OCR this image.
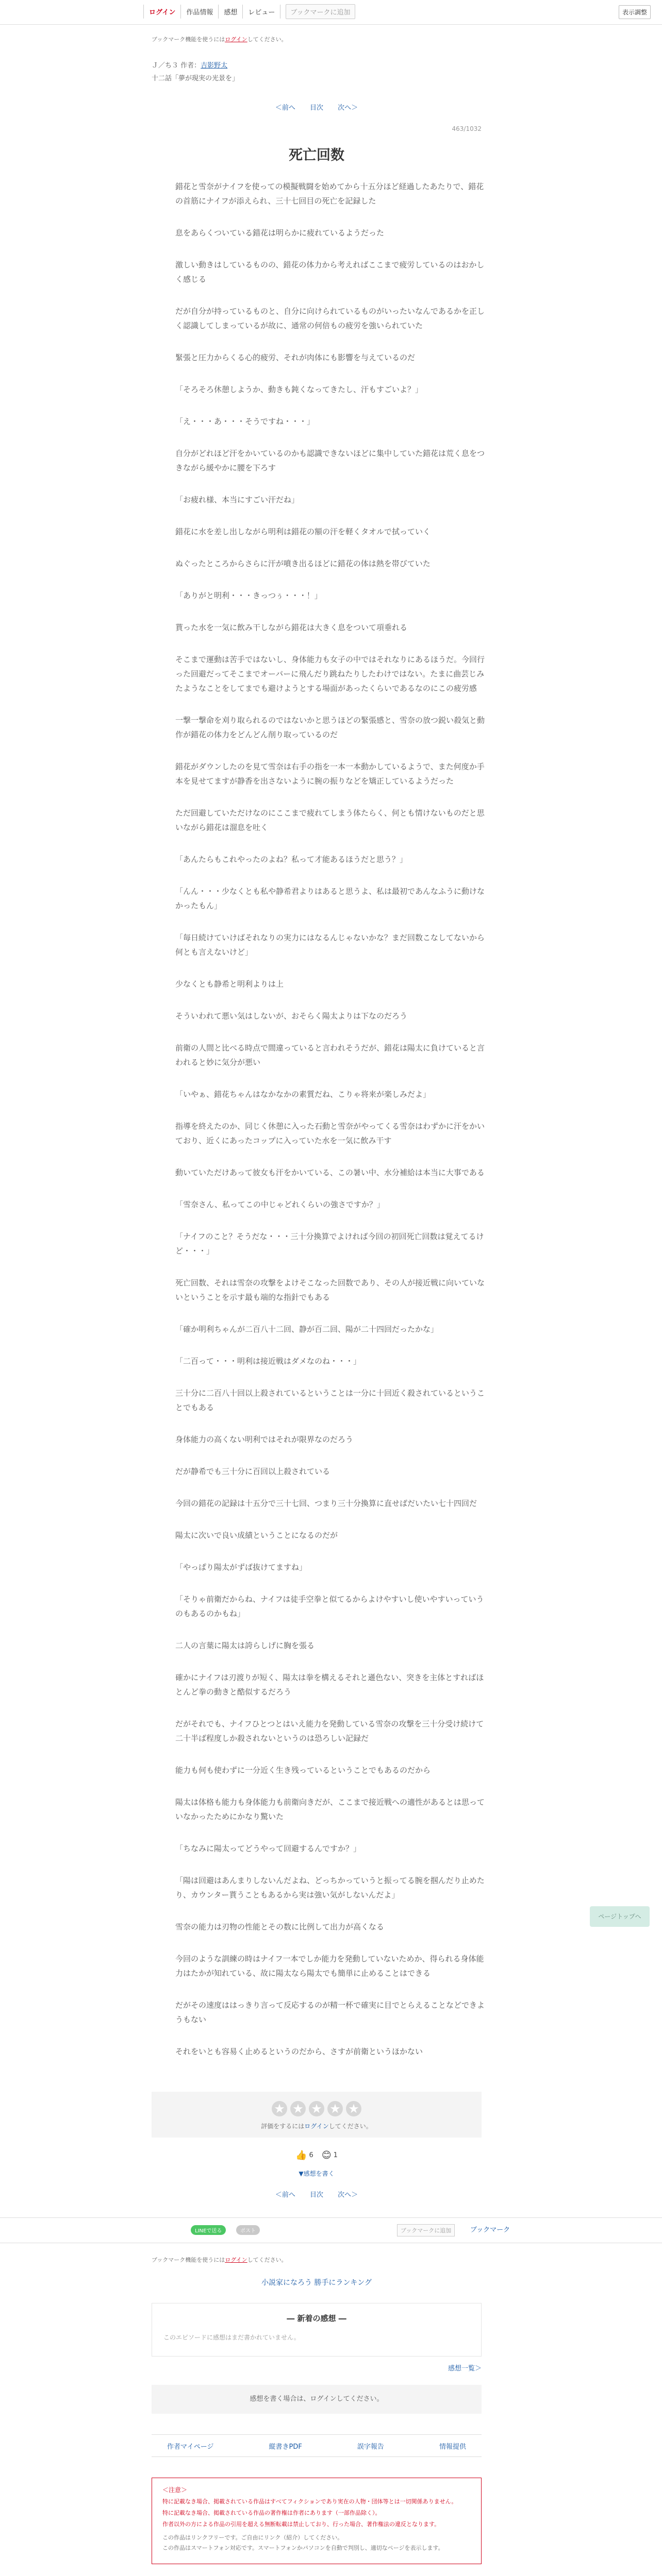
ログイン	作品情報	感想	レビュー	ブックマークに追加	表示調整
ブックマーク機能を使うにはログインしてください。
Ｊ／ち３ 作者：吉影野太
十二話「夢が現実の光景を」
＜前へ 目次 次へ＞
463/1032
死亡回数

錯花と雪奈がナイフを使っての模擬戦闘を始めてから十五分ほど経過したあたりで、錯花の首筋にナイフが添えられ、三十七回目の死亡を記録した

息をあらくついている錯花は明らかに疲れているようだった

激しい動きはしているものの、錯花の体力から考えればここまで疲労しているのはおかしく感じる

だが自分が持っているものと、自分に向けられているものがいったいなんであるかを正しく認識してしまっているが故に、通常の何倍もの疲労を強いられていた

緊張と圧力からくる心的疲労、それが肉体にも影響を与えているのだ

「そろそろ休憩しようか、動きも鈍くなってきたし、汗もすごいよ？」

「え・・・あ・・・そうですね・・・」

自分がどれほど汗をかいているのかも認識できないほどに集中していた錯花は荒く息をつきながら緩やかに腰を下ろす

「お疲れ様、本当にすごい汗だね」

錯花に水を差し出しながら明利は錯花の額の汗を軽くタオルで拭っていく

ぬぐったところからさらに汗が噴き出るほどに錯花の体は熱を帯びていた

「ありがと明利・・・きっつぅ・・・！」

貰った水を一気に飲み干しながら錯花は大きく息をついて項垂れる

そこまで運動は苦手ではないし、身体能力も女子の中ではそれなりにあるほうだ。今回行った回避だってそこまでオーバーに飛んだり跳ねたりしたわけではない。たまに曲芸じみたようなことをしてまでも避けようとする場面があったくらいであるなのにこの疲労感

一撃一撃命を刈り取られるのではないかと思うほどの緊張感と、雪奈の放つ鋭い殺気と動作が錯花の体力をどんどん削り取っているのだ

錯花がダウンしたのを見て雪奈は右手の指を一本一本動かしているようで、また何度か手本を見せてますが静香を出さないように腕の振りなどを矯正しているようだった

ただ回避していただけなのにここまで疲れてしまう体たらく、何とも情けないものだと思いながら錯花は溜息を吐く

「あんたらもこれやったのよね？私って才能あるほうだと思う？」

「んん・・・少なくとも私や静希君よりはあると思うよ、私は最初であんなふうに動けなかったもん」

「毎日続けていけばそれなりの実力にはなるんじゃないかな？まだ回数こなしてないから何とも言えないけど」

少なくとも静希と明利よりは上

そういわれて悪い気はしないが、おそらく陽太よりは下なのだろう

前衛の人間と比べる時点で間違っていると言われそうだが、錯花は陽太に負けていると言われると妙に気分が悪い

「いやぁ、錯花ちゃんはなかなかの素質だね、こりゃ将来が楽しみだよ」

指導を終えたのか、同じく休憩に入った石動と雪奈がやってくる雪奈はわずかに汗をかいており、近くにあったコップに入っていた水を一気に飲み干す

動いていただけあって彼女も汗をかいている、この暑い中、水分補給は本当に大事である

「雪奈さん、私ってこの中じゃどれくらいの強さですか？」

「ナイフのこと？そうだな・・・三十分換算でよければ今回の初回死亡回数は覚えてるけど・・・」

死亡回数、それは雪奈の攻撃をよけそこなった回数であり、その人が接近戦に向いていないということを示す最も端的な指針でもある

「確か明利ちゃんが二百八十二回、静が百二回、陽が二十四回だったかな」

「二百って・・・明利は接近戦はダメなのね・・・」

三十分に二百八十回以上殺されているということは一分に十回近く殺されているということでもある

身体能力の高くない明利ではそれが限界なのだろう

だが静希でも三十分に百回以上殺されている

今回の錯花の記録は十五分で三十七回、つまり三十分換算に直せばだいたい七十四回だ

陽太に次いで良い成績ということになるのだが

「やっぱり陽太がずば抜けてますね」

「そりゃ前衛だからね、ナイフは徒手空拳と似てるからよけやすいし使いやすいっていうのもあるのかもね」

二人の言葉に陽太は誇らしげに胸を張る

確かにナイフは刃渡りが短く、陽太は拳を構えるそれと遜色ない、突きを主体とすればほとんど拳の動きと酷似するだろう

だがそれでも、ナイフひとつとはいえ能力を発動している雪奈の攻撃を三十分受け続けて二十半ば程度しか殺されないというのは恐ろしい記録だ

能力も何も使わずに一分近く生き残っているということでもあるのだから

陽太は体格も能力も身体能力も前衛向きだが、ここまで接近戦への適性があるとは思っていなかったためにかなり驚いた

「ちなみに陽太ってどうやって回避するんですか？」

「陽は回避はあんまりしないんだよね、どっちかっていうと振ってる腕を掴んだり止めたり、カウンター貰うこともあるから実は強い気がしないんだよ」

雪奈の能力は刃物の性能とその数に比例して出力が高くなる

今回のような訓練の時はナイフ一本でしか能力を発動していないためか、得られる身体能力はたかが知れている、故に陽太なら陽太でも簡単に止めることはできる

だがその速度ははっきり言って反応するのが精一杯で確実に目でとらえることなどできようもない

それをいとも容易く止めるというのだから、さすが前衛というほかない

★ ★ ★ ★ ★
評価をするにはログインしてください。
👍 6 😊 1
▼感想を書く
＜前へ 目次 次へ＞
LINEで送る	ポスト	ブックマークに追加	ブックマーク
ブックマーク機能を使うにはログインしてください。
小説家になろう 勝手にランキング
― 新着の感想 ―
このエピソードに感想はまだ書かれていません。
感想一覧＞
感想を書く場合は、ログインしてください。
作者マイページ	縦書きPDF	誤字報告	情報提供
＜注意＞
特に記載なき場合、掲載されている作品はすべてフィクションであり実在の人物・団体等とは一切関係ありません。
特に記載なき場合、掲載されている作品の著作権は作者にあります（一部作品除く）。
作者以外の方による作品の引用を超える無断転載は禁止しており、行った場合、著作権法の違反となります。
この作品はリンクフリーです。ご自由にリンク（紹介）してください。
この作品はスマートフォン対応です。スマートフォンかパソコンを自動で判別し、適切なページを表示します。
ページトップへ
